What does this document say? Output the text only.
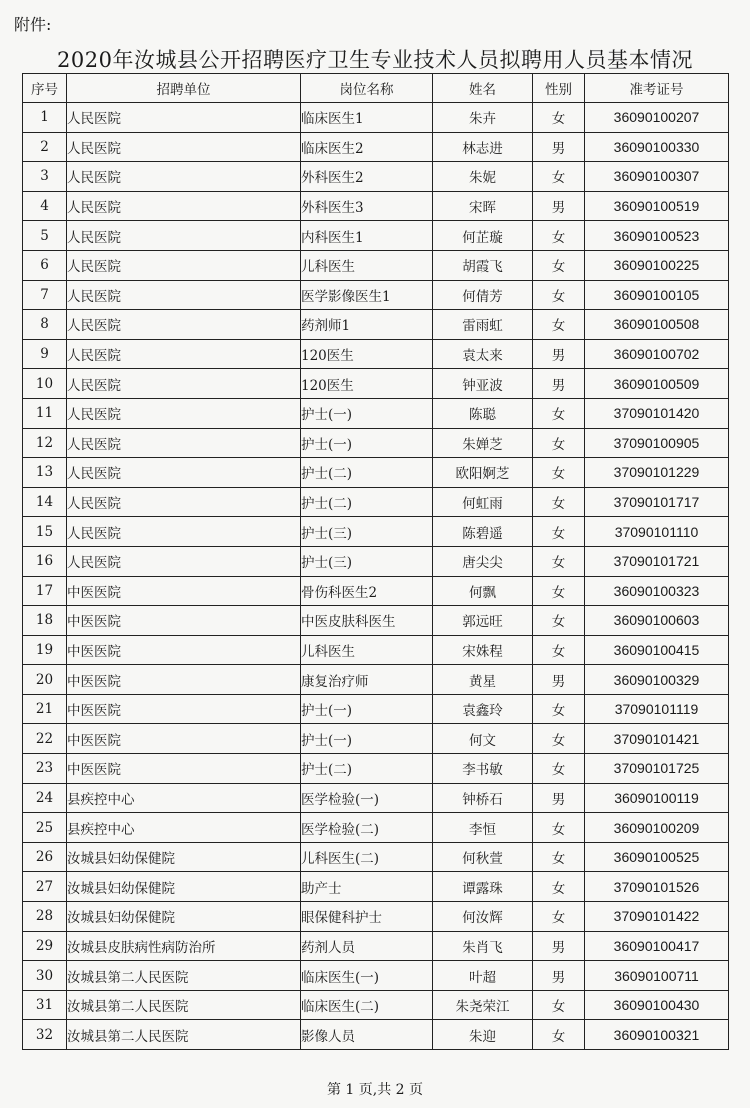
附件:
2020年汝城县公开招聘医疗卫生专业技术人员拟聘用人员基本情况
序号	招聘单位	岗位名称	姓名	性别	准考证号
1	人民医院	临床医生1	朱卉	女	36090100207
2	人民医院	临床医生2	林志进	男	36090100330
3	人民医院	外科医生2	朱妮	女	36090100307
4	人民医院	外科医生3	宋晖	男	36090100519
5	人民医院	内科医生1	何芷璇	女	36090100523
6	人民医院	儿科医生	胡霞飞	女	36090100225
7	人民医院	医学影像医生1	何倩芳	女	36090100105
8	人民医院	药剂师1	雷雨虹	女	36090100508
9	人民医院	120医生	袁太来	男	36090100702
10	人民医院	120医生	钟亚波	男	36090100509
11	人民医院	护士(一)	陈聪	女	37090101420
12	人民医院	护士(一)	朱婵芝	女	37090100905
13	人民医院	护士(二)	欧阳婀芝	女	37090101229
14	人民医院	护士(二)	何虹雨	女	37090101717
15	人民医院	护士(三)	陈碧遥	女	37090101110
16	人民医院	护士(三)	唐尖尖	女	37090101721
17	中医医院	骨伤科医生2	何飘	女	36090100323
18	中医医院	中医皮肤科医生	郭远旺	女	36090100603
19	中医医院	儿科医生	宋姝程	女	36090100415
20	中医医院	康复治疗师	黄星	男	36090100329
21	中医医院	护士(一)	袁鑫玲	女	37090101119
22	中医医院	护士(一)	何文	女	37090101421
23	中医医院	护士(二)	李书敏	女	37090101725
24	县疾控中心	医学检验(一)	钟桥石	男	36090100119
25	县疾控中心	医学检验(二)	李恒	女	36090100209
26	汝城县妇幼保健院	儿科医生(二)	何秋萱	女	36090100525
27	汝城县妇幼保健院	助产士	谭露珠	女	37090101526
28	汝城县妇幼保健院	眼保健科护士	何汝辉	女	37090101422
29	汝城县皮肤病性病防治所	药剂人员	朱肖飞	男	36090100417
30	汝城县第二人民医院	临床医生(一)	叶超	男	36090100711
31	汝城县第二人民医院	临床医生(二)	朱尧荣江	女	36090100430
32	汝城县第二人民医院	影像人员	朱迎	女	36090100321
第 1 页,共 2 页
